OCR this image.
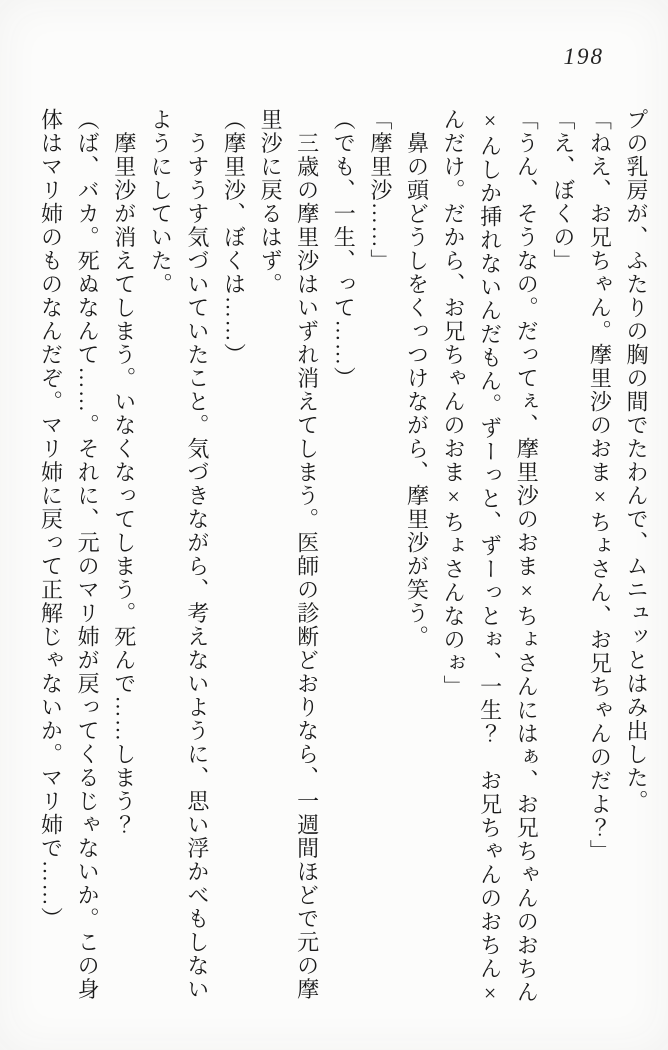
198

プの乳房が、ふたりの胸の間でたわんで、ムニュッとはみ出した。

「ねえ、お兄ちゃん。摩里沙のおま×ちょさん、お兄ちゃんのだよ？」

「え、ぼくの」

「うん、そうなの。だってぇ、摩里沙のおま×ちょさんにはぁ、お兄ちゃんのおちん

×んしか挿れないんだもん。ずーっと、ずーっとぉ、一生？　お兄ちゃんのおちん×

んだけ。だから、お兄ちゃんのおま×ちょさんなのぉ」

　鼻の頭どうしをくっつけながら、摩里沙が笑う。

「摩里沙……」

（でも、一生、って……）

　三歳の摩里沙はいずれ消えてしまう。医師の診断どおりなら、一週間ほどで元の摩

里沙に戻るはず。

（摩里沙、ぼくは……）

　うすうす気づいていたこと。気づきながら、考えないように、思い浮かべもしない

ようにしていた。

　摩里沙が消えてしまう。いなくなってしまう。死んで……しまう？

（ば、バカ。死ぬなんて……。それに、元のマリ姉が戻ってくるじゃないか。この身

体はマリ姉のものなんだぞ。マリ姉に戻って正解じゃないか。マリ姉で……）
